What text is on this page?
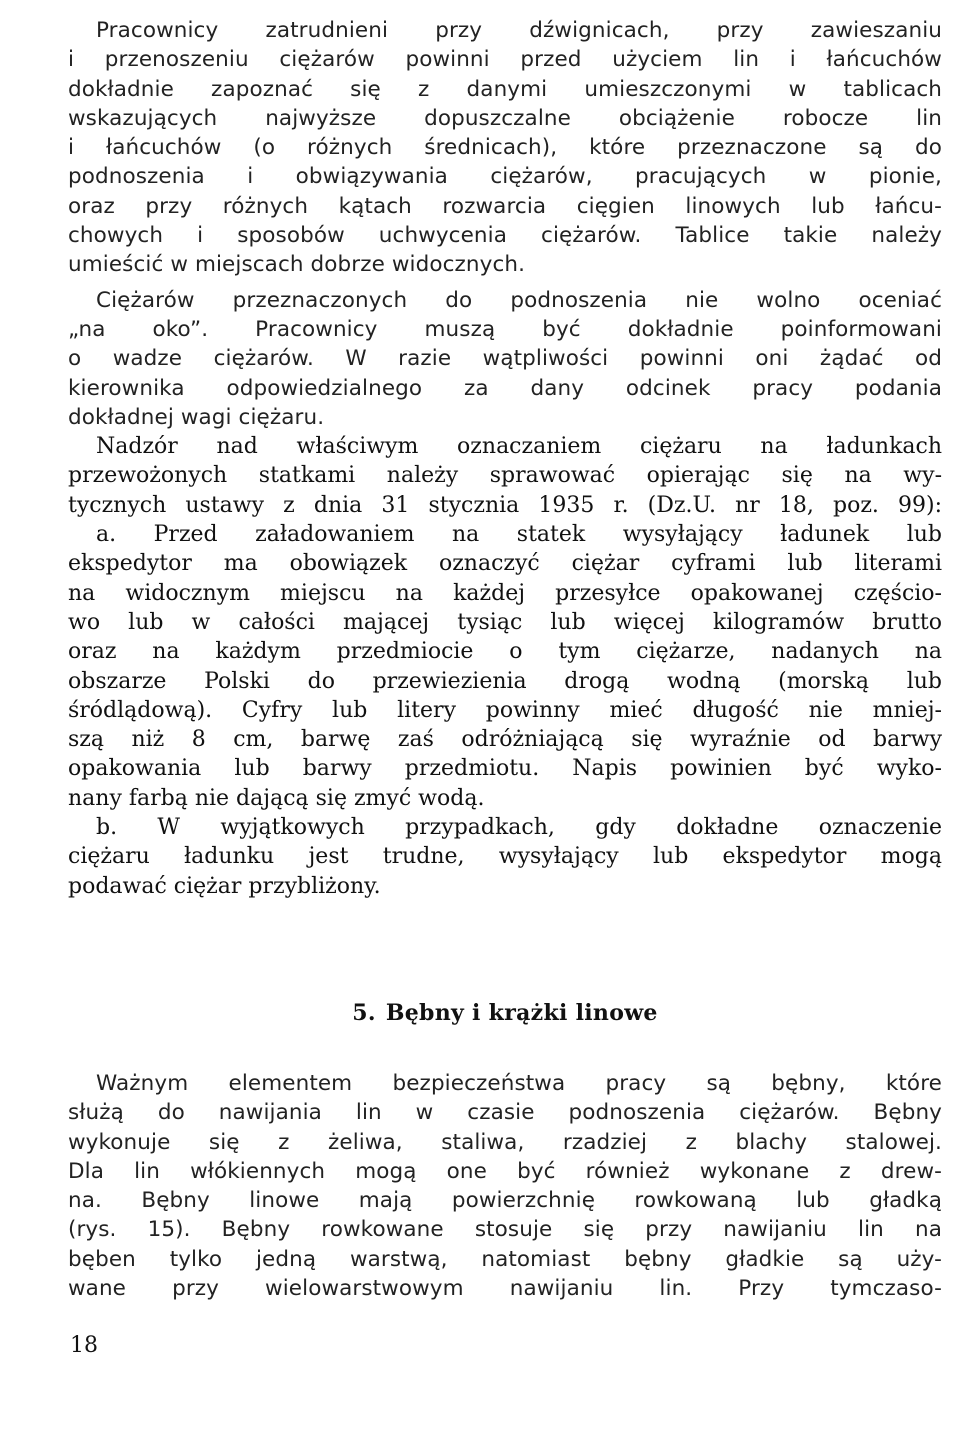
Pracownicy zatrudnieni przy dźwignicach, przy zawieszaniu
i przenoszeniu ciężarów powinni przed użyciem lin i łańcuchów
dokładnie zapoznać się z danymi umieszczonymi w tablicach
wskazujących najwyższe dopuszczalne obciążenie robocze lin
i łańcuchów (o różnych średnicach), które przeznaczone są do
podnoszenia i obwiązywania ciężarów, pracujących w pionie,
oraz przy różnych kątach rozwarcia cięgien linowych lub łańcu-
chowych i sposobów uchwycenia ciężarów. Tablice takie należy
umieścić w miejscach dobrze widocznych.
Ciężarów przeznaczonych do podnoszenia nie wolno oceniać
„na oko”. Pracownicy muszą być dokładnie poinformowani
o wadze ciężarów. W razie wątpliwości powinni oni żądać od
kierownika odpowiedzialnego za dany odcinek pracy podania
dokładnej wagi ciężaru.
Nadzór nad właściwym oznaczaniem ciężaru na ładunkach
przewożonych statkami należy sprawować opierając się na wy-
tycznych ustawy z dnia 31 stycznia 1935 r. (Dz.U. nr 18, poz. 99):
a. Przed załadowaniem na statek wysyłający ładunek lub
ekspedytor ma obowiązek oznaczyć ciężar cyframi lub literami
na widocznym miejscu na każdej przesyłce opakowanej częścio-
wo lub w całości mającej tysiąc lub więcej kilogramów brutto
oraz na każdym przedmiocie o tym ciężarze, nadanych na
obszarze Polski do przewiezienia drogą wodną (morską lub
śródlądową). Cyfry lub litery powinny mieć długość nie mniej-
szą niż 8 cm, barwę zaś odróżniającą się wyraźnie od barwy
opakowania lub barwy przedmiotu. Napis powinien być wyko-
nany farbą nie dającą się zmyć wodą.
b. W wyjątkowych przypadkach, gdy dokładne oznaczenie
ciężaru ładunku jest trudne, wysyłający lub ekspedytor mogą
podawać ciężar przybliżony.
5. Bębny i krążki linowe
Ważnym elementem bezpieczeństwa pracy są bębny, które
służą do nawijania lin w czasie podnoszenia ciężarów. Bębny
wykonuje się z żeliwa, staliwa, rzadziej z blachy stalowej.
Dla lin włókiennych mogą one być również wykonane z drew-
na. Bębny linowe mają powierzchnię rowkowaną lub gładką
(rys. 15). Bębny rowkowane stosuje się przy nawijaniu lin na
bęben tylko jedną warstwą, natomiast bębny gładkie są uży-
wane przy wielowarstwowym nawijaniu lin. Przy tymczaso-
18
